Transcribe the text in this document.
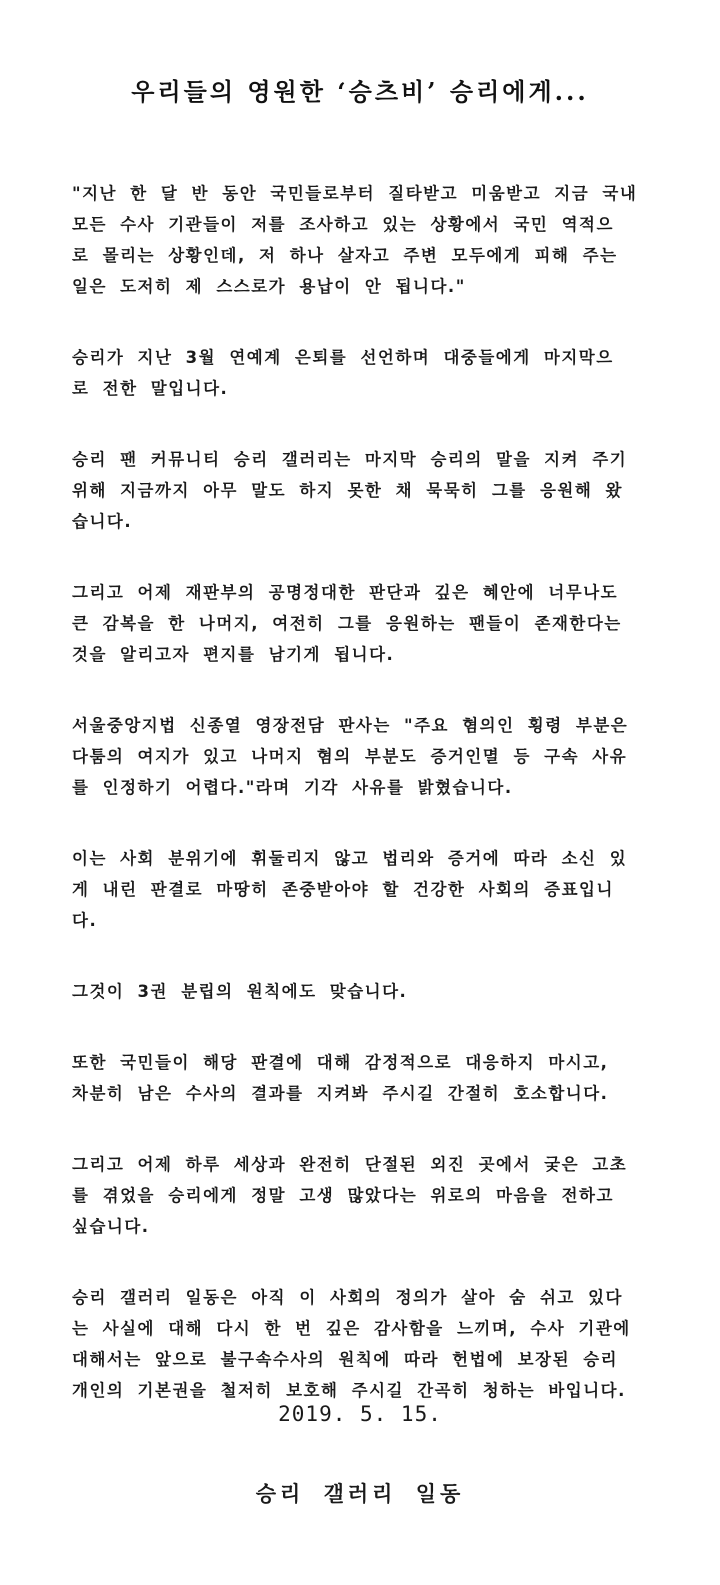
우리들의 영원한 ‘승츠비’ 승리에게...

"지난 한 달 반 동안 국민들로부터 질타받고 미움받고 지금 국내
모든 수사 기관들이 저를 조사하고 있는 상황에서 국민 역적으
로 몰리는 상황인데, 저 하나 살자고 주변 모두에게 피해 주는
일은 도저히 제 스스로가 용납이 안 됩니다."

승리가 지난 3월 연예계 은퇴를 선언하며 대중들에게 마지막으
로 전한 말입니다.

승리 팬 커뮤니티 승리 갤러리는 마지막 승리의 말을 지켜 주기
위해 지금까지 아무 말도 하지 못한 채 묵묵히 그를 응원해 왔
습니다.

그리고 어제 재판부의 공명정대한 판단과 깊은 혜안에 너무나도
큰 감복을 한 나머지, 여전히 그를 응원하는 팬들이 존재한다는
것을 알리고자 편지를 남기게 됩니다.

서울중앙지법 신종열 영장전담 판사는 "주요 혐의인 횡령 부분은
다툼의 여지가 있고 나머지 혐의 부분도 증거인멸 등 구속 사유
를 인정하기 어렵다."라며 기각 사유를 밝혔습니다.

이는 사회 분위기에 휘둘리지 않고 법리와 증거에 따라 소신 있
게 내린 판결로 마땅히 존중받아야 할 건강한 사회의 증표입니
다.

그것이 3권 분립의 원칙에도 맞습니다.

또한 국민들이 해당 판결에 대해 감정적으로 대응하지 마시고,
차분히 남은 수사의 결과를 지켜봐 주시길 간절히 호소합니다.

그리고 어제 하루 세상과 완전히 단절된 외진 곳에서 궂은 고초
를 겪었을 승리에게 정말 고생 많았다는 위로의 마음을 전하고
싶습니다.

승리 갤러리 일동은 아직 이 사회의 정의가 살아 숨 쉬고 있다
는 사실에 대해 다시 한 번 깊은 감사함을 느끼며, 수사 기관에
대해서는 앞으로 불구속수사의 원칙에 따라 헌법에 보장된 승리
개인의 기본권을 철저히 보호해 주시길 간곡히 청하는 바입니다.

2019. 5. 15.
승리 갤러리 일동
